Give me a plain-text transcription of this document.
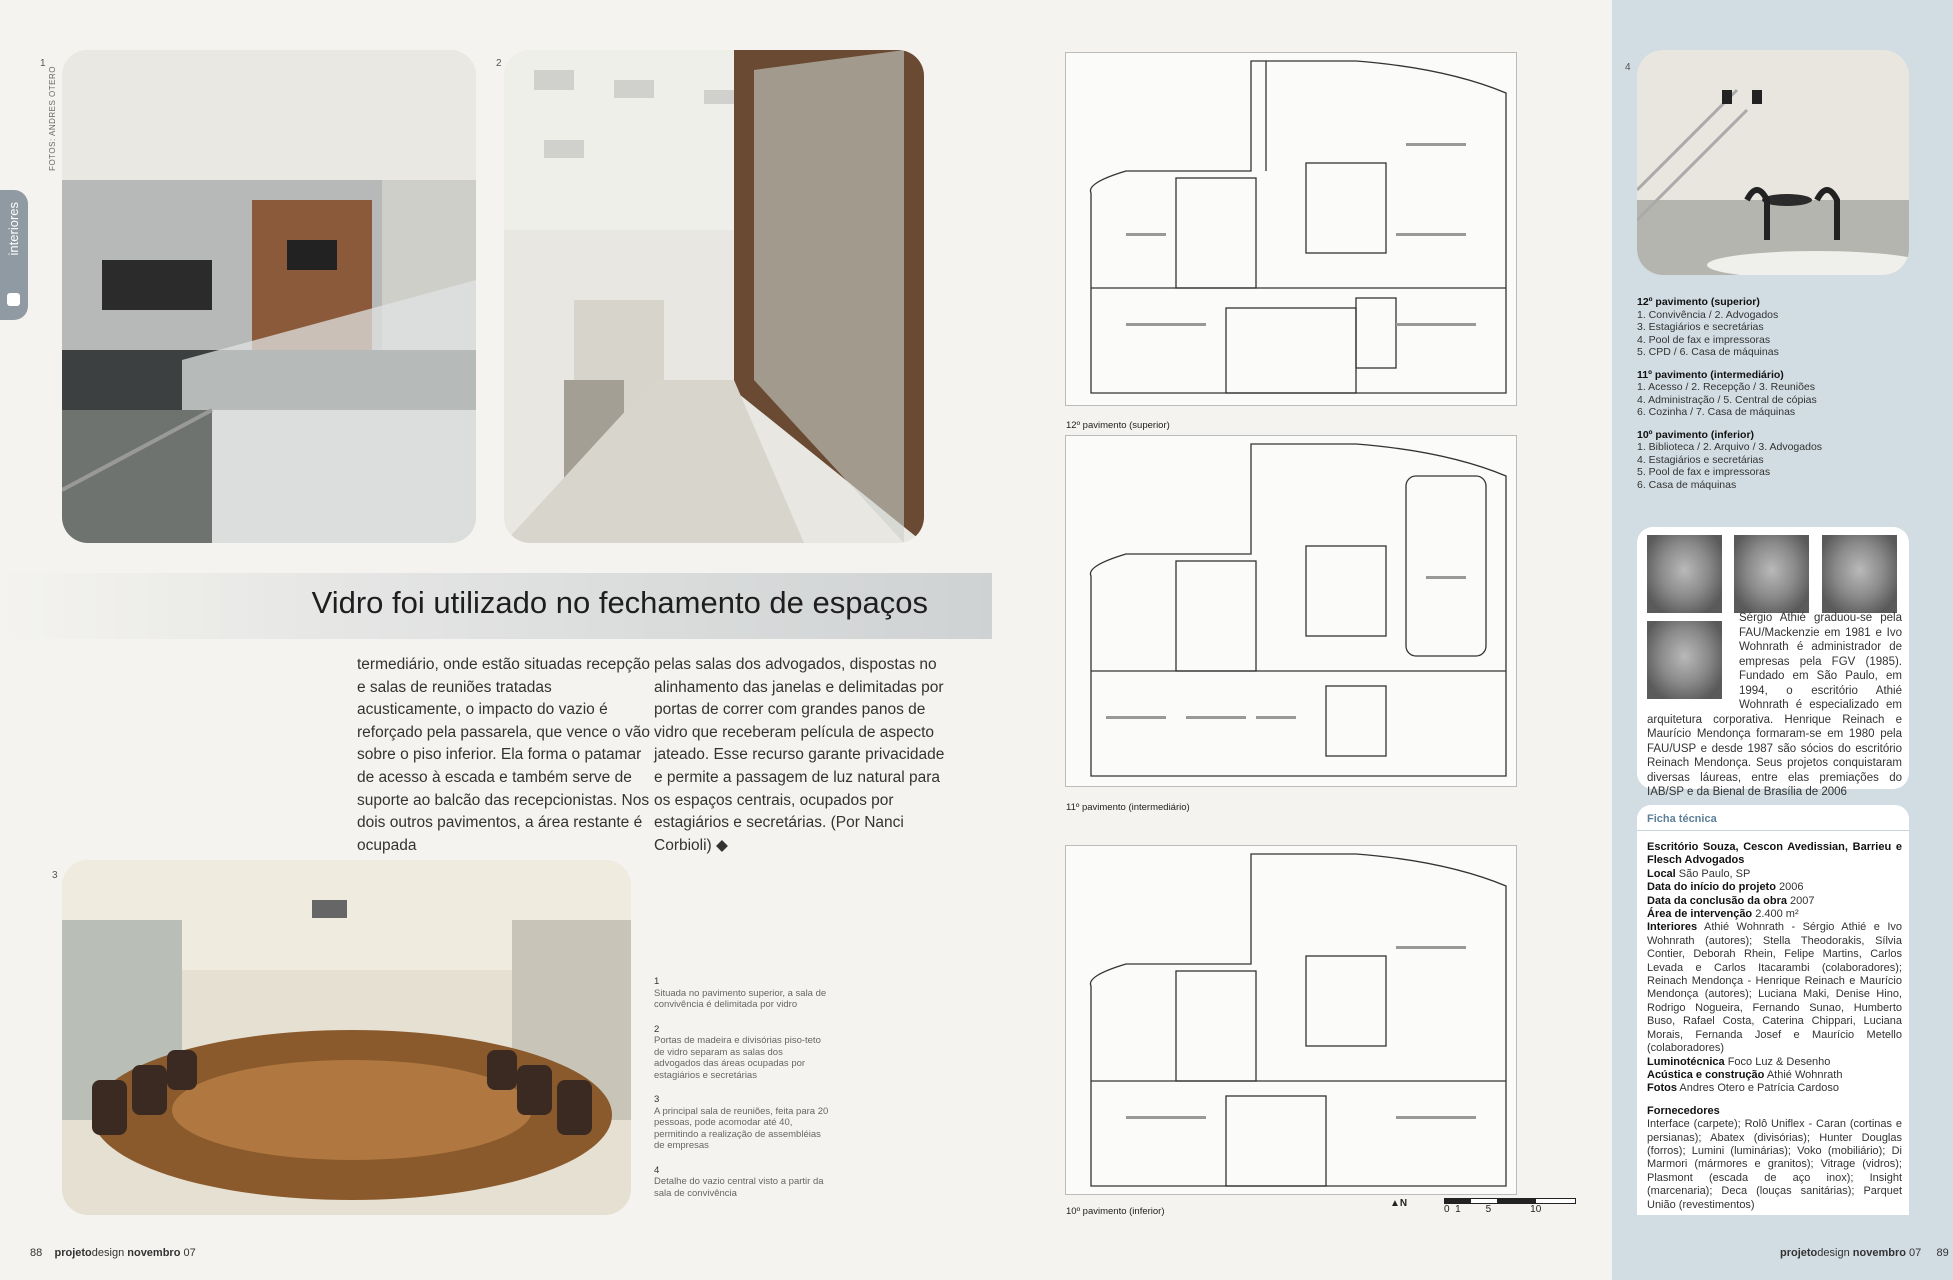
interiores
FOTOS: ANDRES OTERO
1	2
Vidro foi utilizado no fechamento de espaços
termediário, onde estão situadas recepção e salas de reuniões tratadas acusticamente, o impacto do vazio é reforçado pela passarela, que vence o vão sobre o piso inferior. Ela forma o patamar de acesso à escada e também serve de suporte ao balcão das recepcionistas. Nos dois outros pavimentos, a área restante é ocupada
pelas salas dos advogados, dispostas no alinhamento das janelas e delimitadas por portas de correr com grandes panos de vidro que receberam película de aspecto jateado. Esse recurso garante privacidade e permite a passagem de luz natural para os espaços centrais, ocupados por estagiários e secretárias. (Por Nanci Corbioli) ◆
3

1
Situada no pavimento superior, a sala de convivência é delimitada por vidro

2
Portas de madeira e divisórias piso-teto de vidro separam as salas dos advogados das áreas ocupadas por estagiários e secretárias

3
A principal sala de reuniões, feita para 20 pessoas, pode acomodar até 40, permitindo a realização de assembléias de empresas

4
Detalhe do vazio central visto a partir da sala de convivência

88 projetodesign novembro 07
12º pavimento (superior)
11º pavimento (intermediário)
10º pavimento (inferior)
▲N
0  1         5              10
4

12º pavimento (superior)
1. Convivência / 2. Advogados
3. Estagiários e secretárias
4. Pool de fax e impressoras
5. CPD / 6. Casa de máquinas

11º pavimento (intermediário)
1. Acesso / 2. Recepção / 3. Reuniões
4. Administração / 5. Central de cópias
6. Cozinha / 7. Casa de máquinas

10º pavimento (inferior)
1. Biblioteca / 2. Arquivo / 3. Advogados
4. Estagiários e secretárias
5. Pool de fax e impressoras
6. Casa de máquinas

Sérgio Athié graduou-se pela FAU/Mackenzie em 1981 e Ivo Wohnrath é administrador de empresas pela FGV (1985). Fundado em São Paulo, em 1994, o escritório Athié Wohnrath é especializado em arquitetura corporativa. Henrique Reinach e Maurício Mendonça formaram-se em 1980 pela FAU/USP e desde 1987 são sócios do escritório Reinach Mendonça. Seus projetos conquistaram diversas láureas, entre elas premiações do IAB/SP e da Bienal de Brasília de 2006
Ficha técnica
Escritório Souza, Cescon Avedissian, Barrieu e Flesch Advogados
Local São Paulo, SP
Data do início do projeto 2006
Data da conclusão da obra 2007
Área de intervenção 2.400 m²
Interiores Athié Wohnrath - Sérgio Athié e Ivo Wohnrath (autores); Stella Theodorakis, Sílvia Contier, Deborah Rhein, Felipe Martins, Carlos Levada e Carlos Itacarambi (colaboradores); Reinach Mendonça - Henrique Reinach e Maurício Mendonça (autores); Luciana Maki, Denise Hino, Rodrigo Nogueira, Fernando Sunao, Humberto Buso, Rafael Costa, Caterina Chippari, Luciana Morais, Fernanda Josef e Maurício Metello (colaboradores)
Luminotécnica Foco Luz & Desenho
Acústica e construção Athié Wohnrath
Fotos Andres Otero e Patrícia Cardoso

Fornecedores
Interface (carpete); Rolô Uniflex - Caran (cortinas e persianas); Abatex (divisórias); Hunter Douglas (forros); Lumini (luminárias); Voko (mobiliário); Di Marmori (mármores e granitos); Vitrage (vidros); Plasmont (escada de aço inox); Insight (marcenaria); Deca (louças sanitárias); Parquet União (revestimentos)
projetodesign novembro 07 89
